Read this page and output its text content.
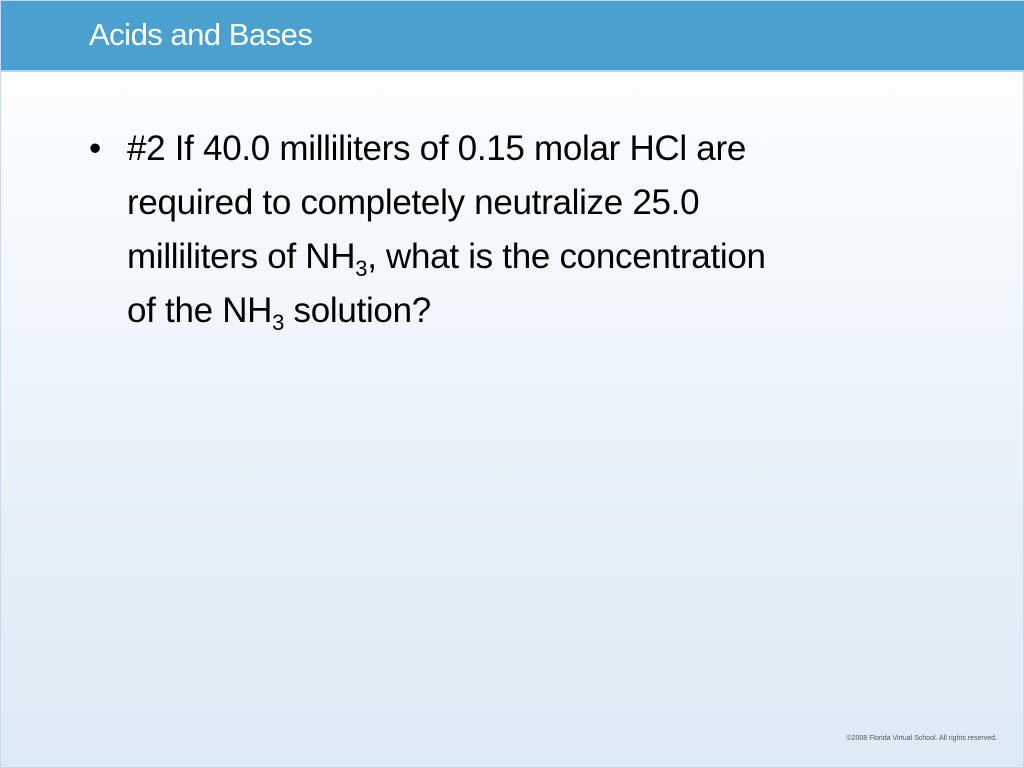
Acids and Bases
• #2 If 40.0 milliliters of 0.15 molar HCl are
required to completely neutralize 25.0
milliliters of $NH_3$, what is the concentration
of the $NH_3$ solution?
©2008 Florida Virtual School. All rights reserved.
